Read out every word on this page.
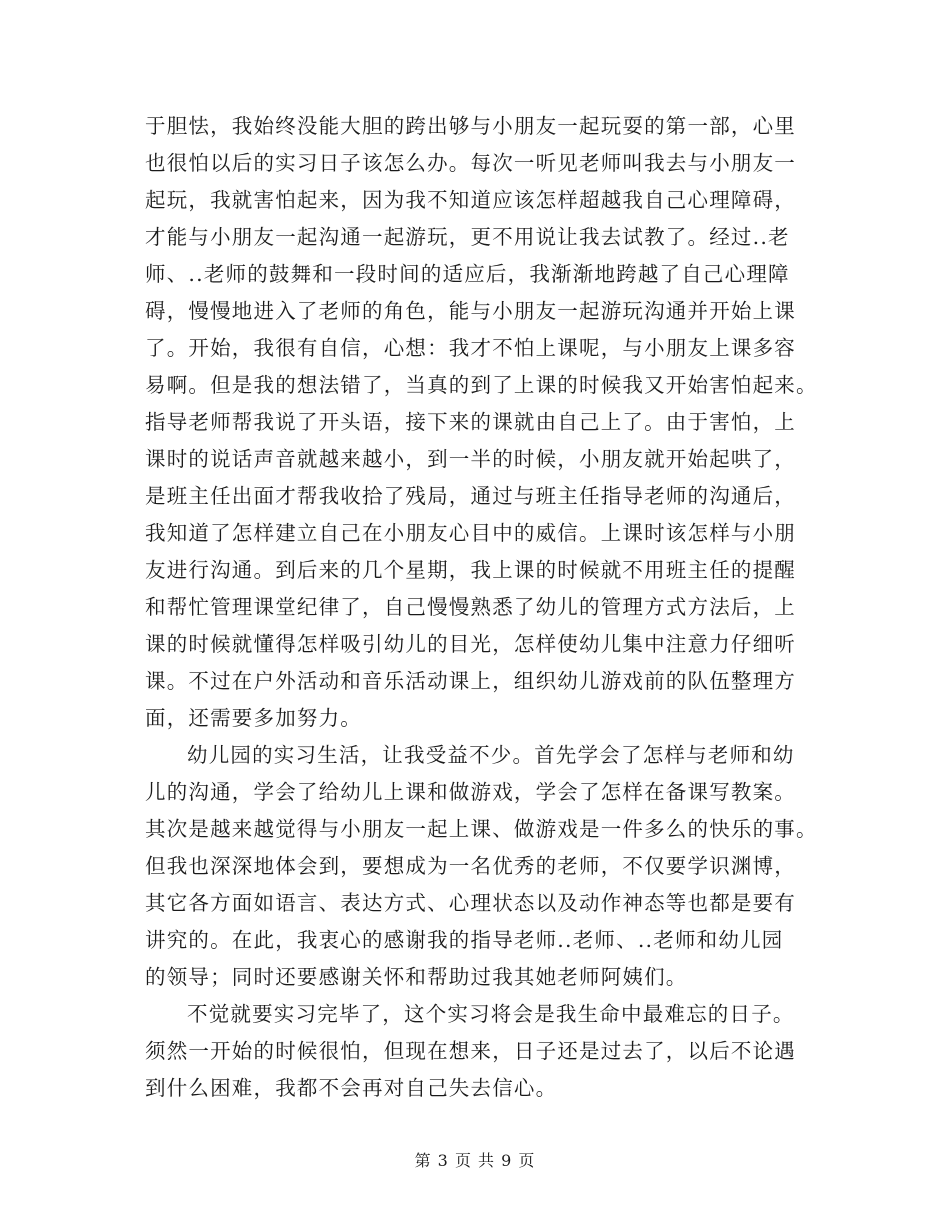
于胆怯，我始终没能大胆的跨出够与小朋友一起玩耍的第一部，心里
也很怕以后的实习日子该怎么办。每次一听见老师叫我去与小朋友一
起玩，我就害怕起来，因为我不知道应该怎样超越我自己心理障碍，
才能与小朋友一起沟通一起游玩，更不用说让我去试教了。经过..老
师、..老师的鼓舞和一段时间的适应后，我渐渐地跨越了自己心理障
碍，慢慢地进入了老师的角色，能与小朋友一起游玩沟通并开始上课
了。开始，我很有自信，心想：我才不怕上课呢，与小朋友上课多容
易啊。但是我的想法错了，当真的到了上课的时候我又开始害怕起来。
指导老师帮我说了开头语，接下来的课就由自己上了。由于害怕，上
课时的说话声音就越来越小，到一半的时候，小朋友就开始起哄了，
是班主任出面才帮我收拾了残局，通过与班主任指导老师的沟通后，
我知道了怎样建立自己在小朋友心目中的威信。上课时该怎样与小朋
友进行沟通。到后来的几个星期，我上课的时候就不用班主任的提醒
和帮忙管理课堂纪律了，自己慢慢熟悉了幼儿的管理方式方法后，上
课的时候就懂得怎样吸引幼儿的目光，怎样使幼儿集中注意力仔细听
课。不过在户外活动和音乐活动课上，组织幼儿游戏前的队伍整理方
面，还需要多加努力。
幼儿园的实习生活，让我受益不少。首先学会了怎样与老师和幼
儿的沟通，学会了给幼儿上课和做游戏，学会了怎样在备课写教案。
其次是越来越觉得与小朋友一起上课、做游戏是一件多么的快乐的事。
但我也深深地体会到，要想成为一名优秀的老师，不仅要学识渊博，
其它各方面如语言、表达方式、心理状态以及动作神态等也都是要有
讲究的。在此，我衷心的感谢我的指导老师..老师、..老师和幼儿园
的领导；同时还要感谢关怀和帮助过我其她老师阿姨们。
不觉就要实习完毕了，这个实习将会是我生命中最难忘的日子。
须然一开始的时候很怕，但现在想来，日子还是过去了，以后不论遇
到什么困难，我都不会再对自己失去信心。
第 3 页 共 9 页
